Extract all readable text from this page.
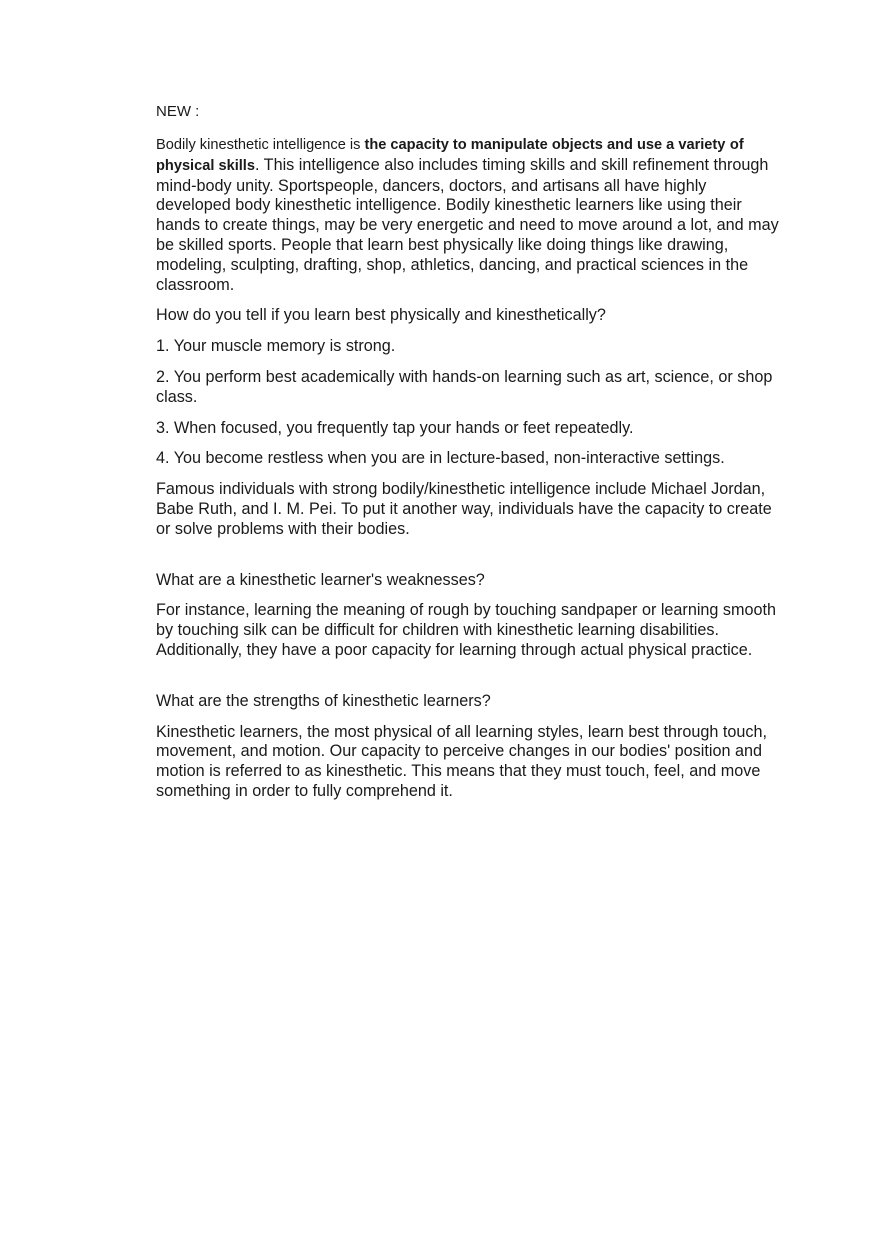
NEW :

Bodily kinesthetic intelligence is the capacity to manipulate objects and use a variety of physical skills. This intelligence also includes timing skills and skill refinement through mind-body unity. Sportspeople, dancers, doctors, and artisans all have highly developed body kinesthetic intelligence. Bodily kinesthetic learners like using their hands to create things, may be very energetic and need to move around a lot, and may be skilled sports. People that learn best physically like doing things like drawing, modeling, sculpting, drafting, shop, athletics, dancing, and practical sciences in the classroom.

How do you tell if you learn best physically and kinesthetically?

1. Your muscle memory is strong.

2. You perform best academically with hands-on learning such as art, science, or shop class.

3. When focused, you frequently tap your hands or feet repeatedly.

4. You become restless when you are in lecture-based, non-interactive settings.

Famous individuals with strong bodily/kinesthetic intelligence include Michael Jordan, Babe Ruth, and I. M. Pei. To put it another way, individuals have the capacity to create or solve problems with their bodies.

What are a kinesthetic learner's weaknesses?

For instance, learning the meaning of rough by touching sandpaper or learning smooth by touching silk can be difficult for children with kinesthetic learning disabilities. Additionally, they have a poor capacity for learning through actual physical practice.

What are the strengths of kinesthetic learners?

Kinesthetic learners, the most physical of all learning styles, learn best through touch, movement, and motion. Our capacity to perceive changes in our bodies' position and motion is referred to as kinesthetic. This means that they must touch, feel, and move something in order to fully comprehend it.
